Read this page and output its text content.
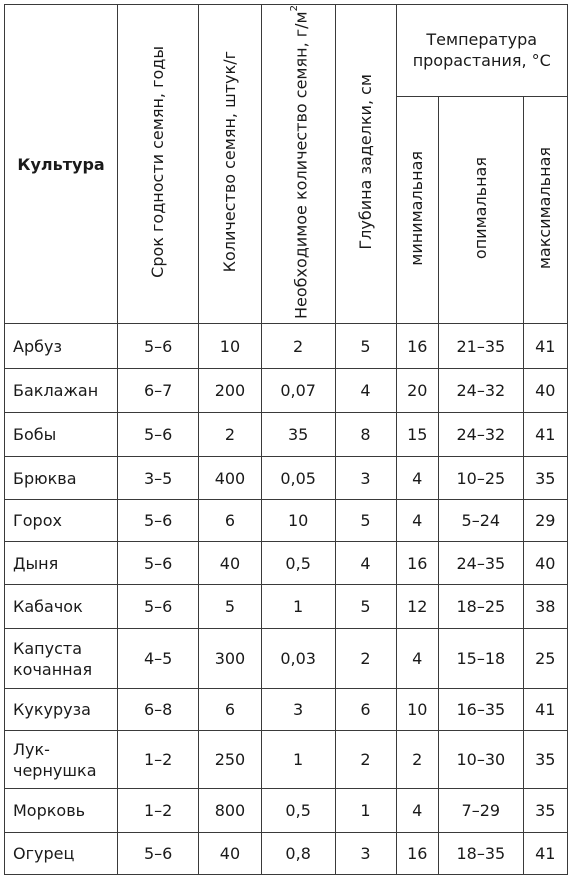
Культура	Срок годности семян, годы	Количество семян, штук/г	Необходимое количество семян, $г/м^2$	Глубина заделки, см	Температура прорастания, °C		
					минимальная	опимальная	максимальная
Арбуз	5–6	10	2	5	16	21–35	41
Баклажан	6–7	200	0,07	4	20	24–32	40
Бобы	5–6	2	35	8	15	24–32	41
Брюква	3–5	400	0,05	3	4	10–25	35
Горох	5–6	6	10	5	4	5–24	29
Дыня	5–6	40	0,5	4	16	24–35	40
Кабачок	5–6	5	1	5	12	18–25	38
Капуста кочанная	4–5	300	0,03	2	4	15–18	25
Кукуруза	6–8	6	3	6	10	16–35	41
Лук-чернушка	1–2	250	1	2	2	10–30	35
Морковь	1–2	800	0,5	1	4	7–29	35
Огурец	5–6	40	0,8	3	16	18–35	41
